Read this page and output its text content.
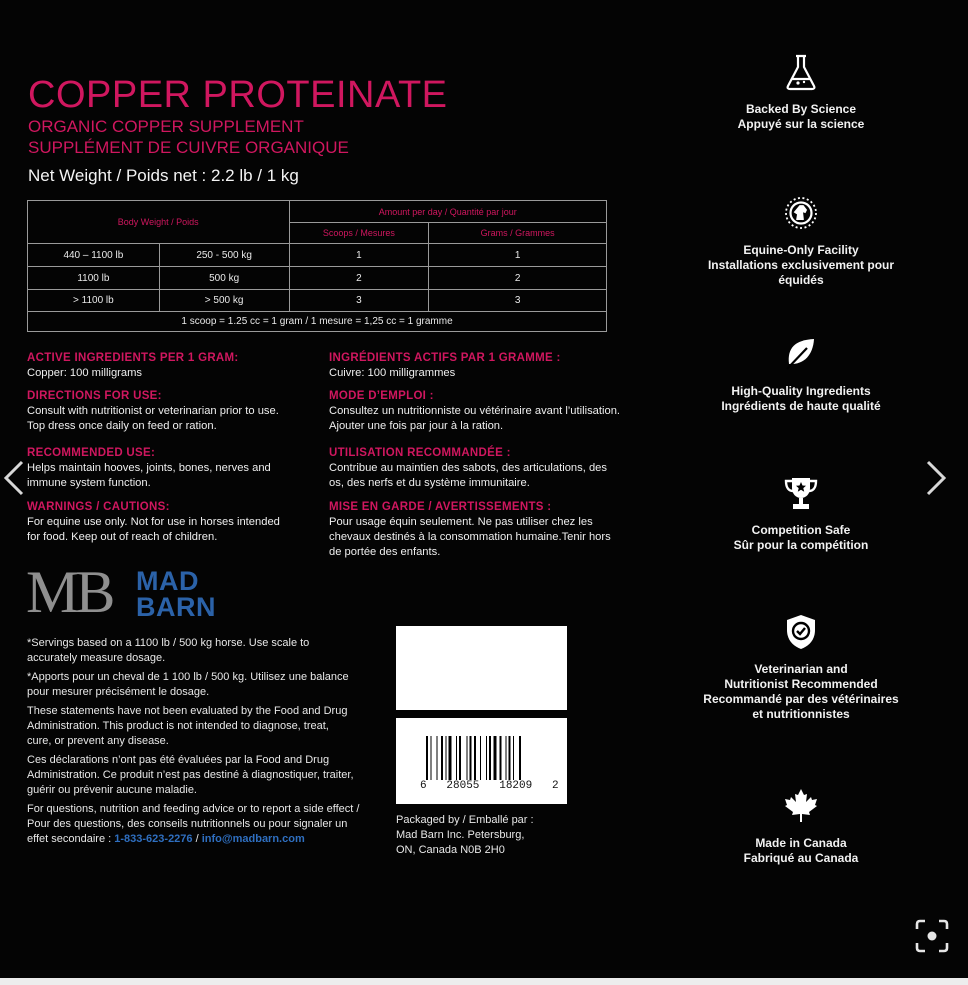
COPPER PROTEINATE
ORGANIC COPPER SUPPLEMENT
SUPPLÉMENT DE CUIVRE ORGANIQUE
Net Weight / Poids net : 2.2 lb / 1 kg
Body Weight / Poids		Amount per day / Quantité par jour	
		Scoops / Mesures	Grams / Grammes
440 – 1100 lb	250 - 500 kg	1	1
1100 lb	500 kg	2	2
> 1100 lb	> 500 kg	3	3
1 scoop = 1.25 cc = 1 gram / 1 mesure = 1,25 cc = 1 gramme			
ACTIVE INGREDIENTS PER 1 GRAM:
Copper: 100 milligrams
DIRECTIONS FOR USE:
Consult with nutritionist or veterinarian prior to use.
Top dress once daily on feed or ration.
RECOMMENDED USE:
Helps maintain hooves, joints, bones, nerves and
immune system function.
WARNINGS / CAUTIONS:
For equine use only. Not for use in horses intended
for food. Keep out of reach of children.
INGRÉDIENTS ACTIFS PAR 1 GRAMME :
Cuivre: 100 milligrammes
MODE D’EMPLOI :
Consultez un nutritionniste ou vétérinaire avant l’utilisation.
Ajouter une fois par jour à la ration.
UTILISATION RECOMMANDÉE :
Contribue au maintien des sabots, des articulations, des
os, des nerfs et du système immunitaire.
MISE EN GARDE / AVERTISSEMENTS :
Pour usage équin seulement. Ne pas utiliser chez les
chevaux destinés à la consommation humaine.Tenir hors
de portée des enfants.
MB MAD
BARN

*Servings based on a 1100 lb / 500 kg horse. Use scale to
accurately measure dosage.

*Apports pour un cheval de 1 100 lb / 500 kg. Utilisez une balance
pour mesurer précisément le dosage.

These statements have not been evaluated by the Food and Drug
Administration. This product is not intended to diagnose, treat,
cure, or prevent any disease.

Ces déclarations n’ont pas été évaluées par la Food and Drug
Administration. Ce produit n’est pas destiné à diagnostiquer, traiter,
guérir ou prévenir aucune maladie.

For questions, nutrition and feeding advice or to report a side effect /
Pour des questions, des conseils nutritionnels ou pour signaler un
effet secondaire : 1-833-623-2276 / info@madbarn.com

6   28055   18209   2
Packaged by / Emballé par :
Mad Barn Inc. Petersburg,
ON, Canada N0B 2H0
Backed By Science
Appuyé sur la science
Equine-Only Facility
Installations exclusivement pour équidés
High-Quality Ingredients
Ingrédients de haute qualité
Competition Safe
Sûr pour la compétition
Veterinarian and
Nutritionist Recommended
Recommandé par des vétérinaires
et nutritionnistes
Made in Canada
Fabriqué au Canada
